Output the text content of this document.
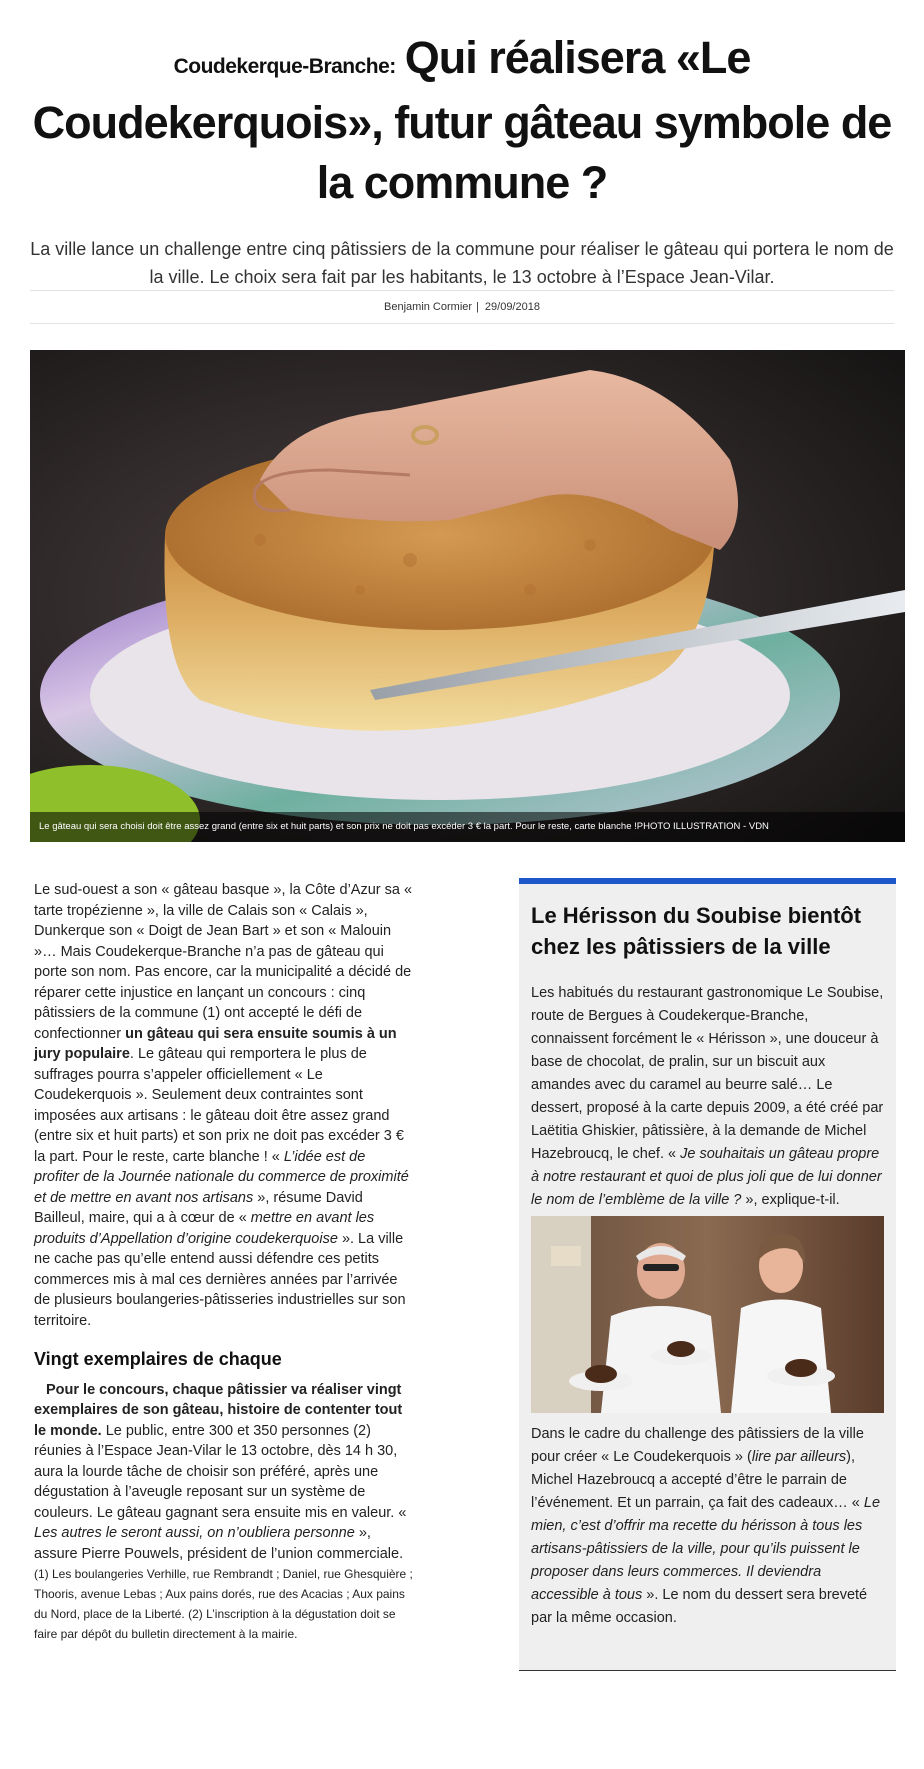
Coudekerque-Branche: Qui réalisera «Le Coudekerquois», futur gâteau symbole de la commune ?

La ville lance un challenge entre cinq pâtissiers de la commune pour réaliser le gâteau qui portera le nom de la ville. Le choix sera fait par les habitants, le 13 octobre à l’Espace Jean-Vilar.

Benjamin Cormier | 29/09/2018
Le gâteau qui sera choisi doit être assez grand (entre six et huit parts) et son prix ne doit pas excéder 3 € la part. Pour le reste, carte blanche !PHOTO ILLUSTRATION - VDN

Le sud-ouest a son « gâteau basque », la Côte d’Azur sa « tarte tropézienne », la ville de Calais son « Calais », Dunkerque son « Doigt de Jean Bart » et son « Malouin »… Mais Coudekerque-Branche n’a pas de gâteau qui porte son nom. Pas encore, car la municipalité a décidé de réparer cette injustice en lançant un concours : cinq pâtissiers de la commune (1) ont accepté le défi de confectionner un gâteau qui sera ensuite soumis à un jury populaire. Le gâteau qui remportera le plus de suffrages pourra s’appeler officiellement « Le Coudekerquois ». Seulement deux contraintes sont imposées aux artisans : le gâteau doit être assez grand (entre six et huit parts) et son prix ne doit pas excéder 3 € la part. Pour le reste, carte blanche ! « L’idée est de profiter de la Journée nationale du commerce de proximité et de mettre en avant nos artisans », résume David Bailleul, maire, qui a à cœur de « mettre en avant les produits d’Appellation d’origine coudekerquoise ». La ville ne cache pas qu’elle entend aussi défendre ces petits commerces mis à mal ces dernières années par l’arrivée de plusieurs boulangeries-pâtisseries industrielles sur son territoire.

Vingt exemplaires de chaque

Pour le concours, chaque pâtissier va réaliser vingt exemplaires de son gâteau, histoire de contenter tout le monde. Le public, entre 300 et 350 personnes (2) réunies à l’Espace Jean-Vilar le 13 octobre, dès 14 h 30, aura la lourde tâche de choisir son préféré, après une dégustation à l’aveugle reposant sur un système de couleurs. Le gâteau gagnant sera ensuite mis en valeur. « Les autres le seront aussi, on n’oubliera personne », assure Pierre Pouwels, président de l’union commerciale.

(1) Les boulangeries Verhille, rue Rembrandt ; Daniel, rue Ghesquière ; Thooris, avenue Lebas ; Aux pains dorés, rue des Acacias ; Aux pains du Nord, place de la Liberté. (2) L’inscription à la dégustation doit se faire par dépôt du bulletin directement à la mairie.

Le Hérisson du Soubise bientôt chez les pâtissiers de la ville

Les habitués du restaurant gastronomique Le Soubise, route de Bergues à Coudekerque-Branche, connaissent forcément le « Hérisson », une douceur à base de chocolat, de pralin, sur un biscuit aux amandes avec du caramel au beurre salé… Le dessert, proposé à la carte depuis 2009, a été créé par Laëtitia Ghiskier, pâtissière, à la demande de Michel Hazebroucq, le chef. « Je souhaitais un gâteau propre à notre restaurant et quoi de plus joli que de lui donner le nom de l’emblème de la ville ? », explique-t-il.

Dans le cadre du challenge des pâtissiers de la ville pour créer « Le Coudekerquois » (lire par ailleurs), Michel Hazebroucq a accepté d’être le parrain de l’événement. Et un parrain, ça fait des cadeaux… « Le mien, c’est d’offrir ma recette du hérisson à tous les artisans-pâtissiers de la ville, pour qu’ils puissent le proposer dans leurs commerces. Il deviendra accessible à tous ». Le nom du dessert sera breveté par la même occasion.
